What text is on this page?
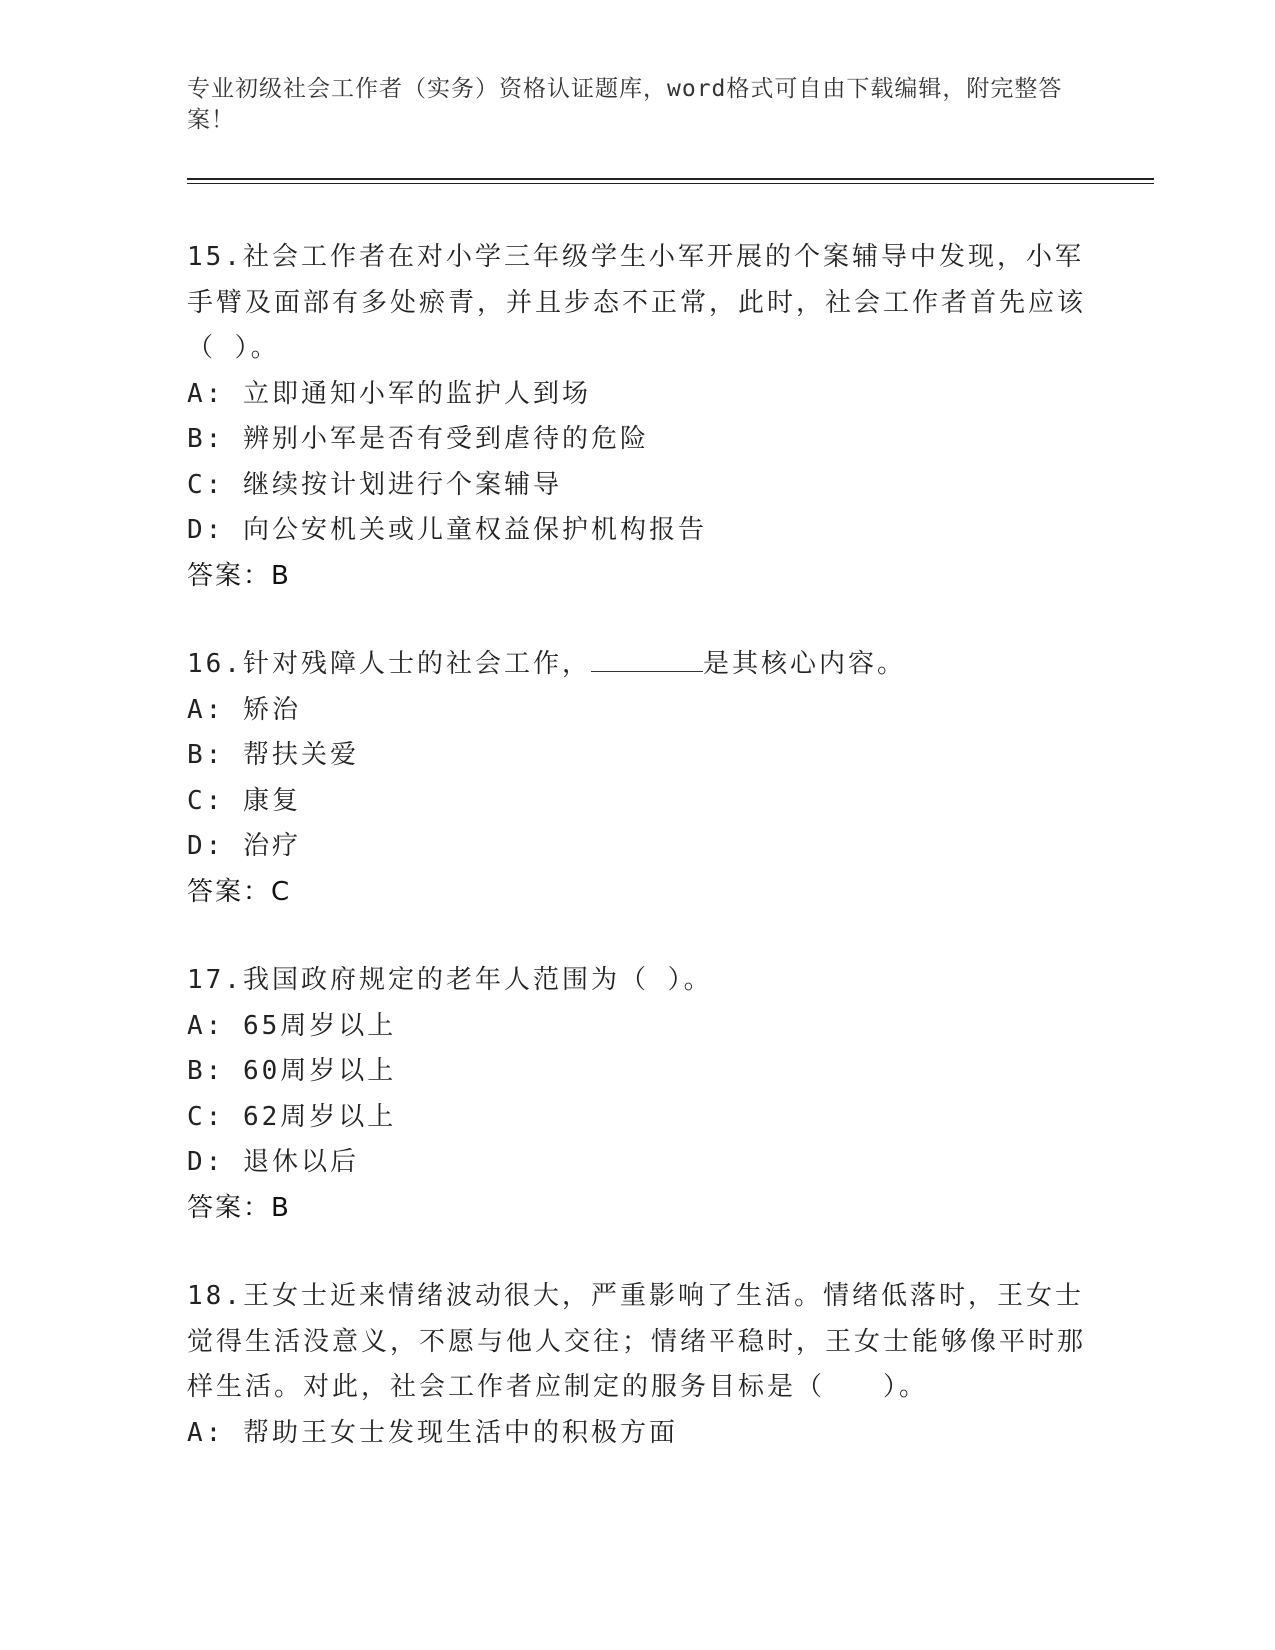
专业初级社会工作者（实务）资格认证题库，word格式可自由下载编辑，附完整答案！

15.社会工作者在对小学三年级学生小军开展的个案辅导中发现，小军手臂及面部有多处瘀青，并且步态不正常，此时，社会工作者首先应该（ ）。

A: 立即通知小军的监护人到场

B: 辨别小军是否有受到虐待的危险

C: 继续按计划进行个案辅导

D: 向公安机关或儿童权益保护机构报告

答案：B

16.针对残障人士的社会工作，	是其核心内容。

A: 矫治

B: 帮扶关爱

C: 康复

D: 治疗

答案：C

17.我国政府规定的老年人范围为（ ）。

A: 65周岁以上

B: 60周岁以上

C: 62周岁以上

D: 退休以后

答案：B

18.王女士近来情绪波动很大，严重影响了生活。情绪低落时，王女士觉得生活没意义，不愿与他人交往；情绪平稳时，王女士能够像平时那样生活。对此，社会工作者应制定的服务目标是（　　）。

A: 帮助王女士发现生活中的积极方面
